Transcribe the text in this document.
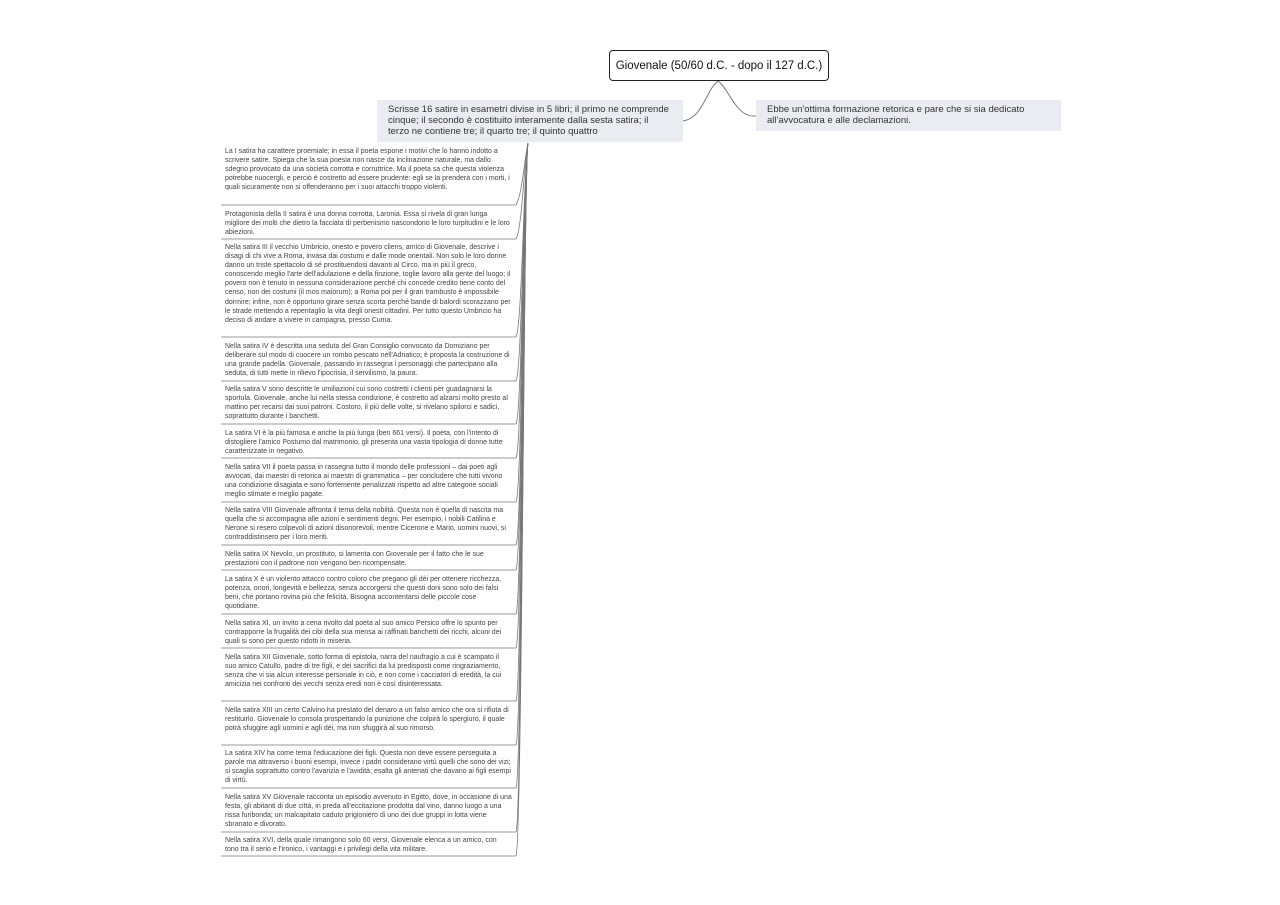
Giovenale (50/60 d.C. - dopo il 127 d.C.)
Scrisse 16 satire in esametri divise in 5 libri; il primo ne comprende cinque; il secondo è costituito interamente dalla sesta satira; il terzo ne contiene tre; il quarto tre; il quinto quattro
Ebbe un'ottima formazione retorica e pare che si sia dedicato all'avvocatura e alle declamazioni.
La I satira ha carattere proemiale; in essa il poeta espone i motivi che lo hanno indotto a scrivere satire. Spiega che la sua poesia non nasce da inclinazione naturale, ma dallo sdegno provocato da una società corrotta e corruttrice. Ma il poeta sa che questa violenza potrebbe nuocergli, e perciò è costretto ad essere prudente: egli se la prenderà con i morti, i quali sicuramente non si offenderanno per i suoi attacchi troppo violenti.
Protagonista della II satira è una donna corrotta, Laronia. Essa si rivela di gran lunga migliore dei molti che dietro la facciata di perbenismo nascondono le loro turpitudini e le loro abiezioni.
Nella satira III il vecchio Umbricio, onesto e povero cliens, amico di Giovenale, descrive i disagi di chi vive a Roma, invasa dai costumi e dalle mode orientali. Non solo le loro donne danno un triste spettacolo di sé prostituendosi davanti al Circo, ma in più il greco, conoscendo meglio l'arte dell'adulazione e della finzione, toglie lavoro alla gente del luogo; il povero non è tenuto in nessuna considerazione perché chi concede credito tiene conto del censo, non dei costumi (il mos maiorum); a Roma poi per il gran trambusto è impossibile dormire; infine, non è opportuno girare senza scorta perché bande di balordi scorazzano per le strade mettendo a repentaglio la vita degli onesti cittadini. Per tutto questo Umbricio ha deciso di andare a vivere in campagna, presso Cuma.
Nella satira IV è descritta una seduta del Gran Consiglio convocato da Domiziano per deliberare sul modo di cuocere un rombo pescato nell'Adriatico; è proposta la costruzione di una grande padella. Giovenale, passando in rassegna i personaggi che partecipano alla seduta, di tutti mette in rilievo l'ipocrisia, il servilismo, la paura.
Nella satira V sono descritte le umiliazioni cui sono costretti i clienti per guadagnarsi la sportula. Giovenale, anche lui nella stessa condizione, è costretto ad alzarsi molto presto al mattino per recarsi dai suoi patroni. Costoro, il più delle volte, si rivelano spilorci e sadici, soprattutto durante i banchetti.
La satira VI è la più famosa e anche la più lunga (ben 661 versi). Il poeta, con l'intento di distogliere l'amico Postumo dal matrimonio, gli presenta una vasta tipologia di donne tutte caratterizzate in negativo.
Nella satira VII il poeta passa in rassegna tutto il mondo delle professioni – dai poeti agli avvocati, dai maestri di retorica ai maestri di grammatica – per concludere che tutti vivono una condizione disagiata e sono fortemente penalizzati rispetto ad altre categorie sociali meglio stimate e meglio pagate.
Nella satira VIII Giovenale affronta il tema della nobiltà. Questa non è quella di nascita ma quella che si accompagna alle azioni e sentimenti degni. Per esempio, i nobili Catilina e Nerone si resero colpevoli di azioni disonorevoli, mentre Cicerone e Mario, uomini nuovi, si contraddistinsero per i loro meriti.
Nella satira IX Nevolo, un prostituto, si lamenta con Giovenale per il fatto che le sue prestazioni con il padrone non vengono ben ricompensate.
La satira X è un violento attacco contro coloro che pregano gli dèi per ottenere ricchezza, potenza, onori, longevità e bellezza, senza accorgersi che questi doni sono solo dei falsi beni, che portano rovina più che felicità. Bisogna accontentarsi delle piccole cose quotidiane.
Nella satira XI, un invito a cena rivolto dal poeta al suo amico Persico offre lo spunto per contrapporre la frugalità dei cibi della sua mensa ai raffinati banchetti dei ricchi, alcuni dei quali si sono per questo ridotti in miseria.
Nella satira XII Giovenale, sotto forma di epistola, narra del naufragio a cui è scampato il suo amico Catullo, padre di tre figli, e dei sacrifici da lui predisposti come ringraziamento, senza che vi sia alcun interesse personale in ciò, e non come i cacciatori di eredità, la cui amicizia nei confronti dei vecchi senza eredi non è così disinteressata.
Nella satira XIII un certo Calvino ha prestato del denaro a un falso amico che ora si rifiuta di restituirlo. Giovenale lo consola prospettando la punizione che colpirà lo spergiuro, il quale potrà sfuggire agli uomini e agli dèi, ma non sfuggirà al suo rimorso.
La satira XIV ha come tema l'educazione dei figli. Questa non deve essere perseguita a parole ma attraverso i buoni esempi, invece i padri considerano virtù quelli che sono dei vizi; si scaglia soprattutto contro l'avarizia e l'avidità; esalta gli antenati che davano ai figli esempi di virtù.
Nella satira XV Giovenale racconta un episodio avvenuto in Egitto, dove, in occasione di una festa, gli abitanti di due città, in preda all'eccitazione prodotta dal vino, danno luogo a una rissa furibonda; un malcapitato caduto prigioniero di uno dei due gruppi in lotta viene sbranato e divorato.
Nella satira XVI, della quale rimangono solo 60 versi, Giovenale elenca a un amico, con tono tra il serio e l'ironico, i vantaggi e i privilegi della vita militare.
